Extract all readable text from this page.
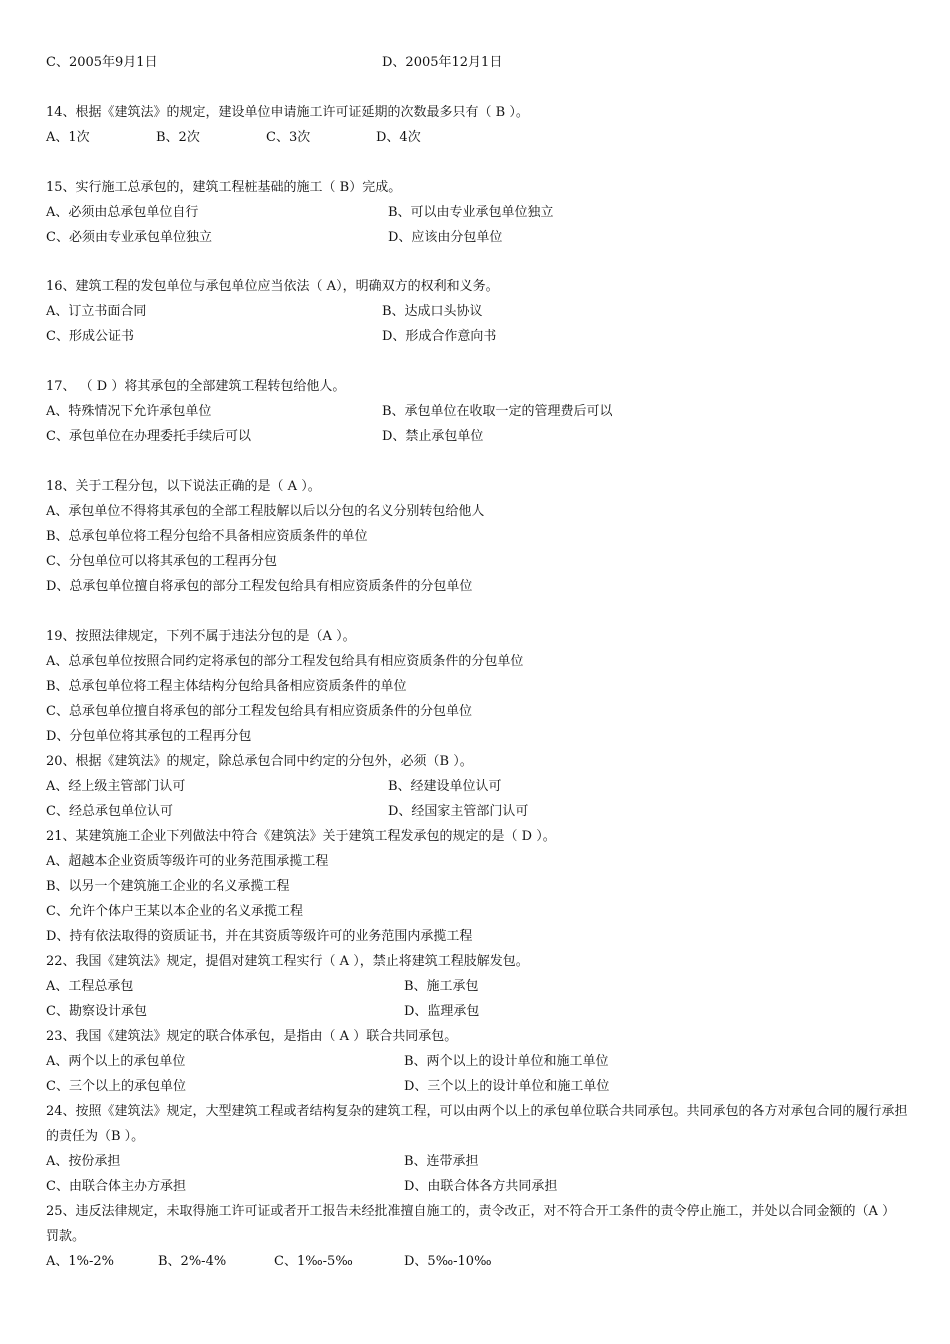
C、2005年9月1日	D、2005年12月1日
14、根据《建筑法》的规定，建设单位申请施工许可证延期的次数最多只有（ B ）。
A、1次	B、2次	C、3次	D、4次
15、实行施工总承包的，建筑工程桩基础的施工（ B）完成。
A、必须由总承包单位自行	B、可以由专业承包单位独立
C、必须由专业承包单位独立	D、应该由分包单位
16、建筑工程的发包单位与承包单位应当依法（ A），明确双方的权利和义务。
A、订立书面合同	B、达成口头协议
C、形成公证书	D、形成合作意向书
17、 （ D ）将其承包的全部建筑工程转包给他人。
A、特殊情况下允许承包单位	B、承包单位在收取一定的管理费后可以
C、承包单位在办理委托手续后可以	D、禁止承包单位
18、关于工程分包，以下说法正确的是（ A ）。
A、承包单位不得将其承包的全部工程肢解以后以分包的名义分别转包给他人
B、总承包单位将工程分包给不具备相应资质条件的单位
C、分包单位可以将其承包的工程再分包
D、总承包单位擅自将承包的部分工程发包给具有相应资质条件的分包单位
19、按照法律规定，下列不属于违法分包的是（A ）。
A、总承包单位按照合同约定将承包的部分工程发包给具有相应资质条件的分包单位
B、总承包单位将工程主体结构分包给具备相应资质条件的单位
C、总承包单位擅自将承包的部分工程发包给具有相应资质条件的分包单位
D、分包单位将其承包的工程再分包
20、根据《建筑法》的规定，除总承包合同中约定的分包外，必须（B ）。
A、经上级主管部门认可	B、经建设单位认可
C、经总承包单位认可	D、经国家主管部门认可
21、某建筑施工企业下列做法中符合《建筑法》关于建筑工程发承包的规定的是（ D ）。
A、超越本企业资质等级许可的业务范围承揽工程
B、以另一个建筑施工企业的名义承揽工程
C、允许个体户王某以本企业的名义承揽工程
D、持有依法取得的资质证书，并在其资质等级许可的业务范围内承揽工程
22、我国《建筑法》规定，提倡对建筑工程实行（ A ），禁止将建筑工程肢解发包。
A、工程总承包	B、施工承包
C、勘察设计承包	D、监理承包
23、我国《建筑法》规定的联合体承包，是指由（ A ）联合共同承包。
A、两个以上的承包单位	B、两个以上的设计单位和施工单位
C、三个以上的承包单位	D、三个以上的设计单位和施工单位
24、按照《建筑法》规定，大型建筑工程或者结构复杂的建筑工程，可以由两个以上的承包单位联合共同承包。共同承包的各方对承包合同的履行承担的责任为（B ）。
A、按份承担	B、连带承担
C、由联合体主办方承担	D、由联合体各方共同承担
25、违反法律规定，未取得施工许可证或者开工报告未经批准擅自施工的，责令改正，对不符合开工条件的责令停止施工，并处以合同金额的（A ）罚款。
A、1%-2%	B、2%-4%	C、1‰-5‰	D、5‰-10‰
